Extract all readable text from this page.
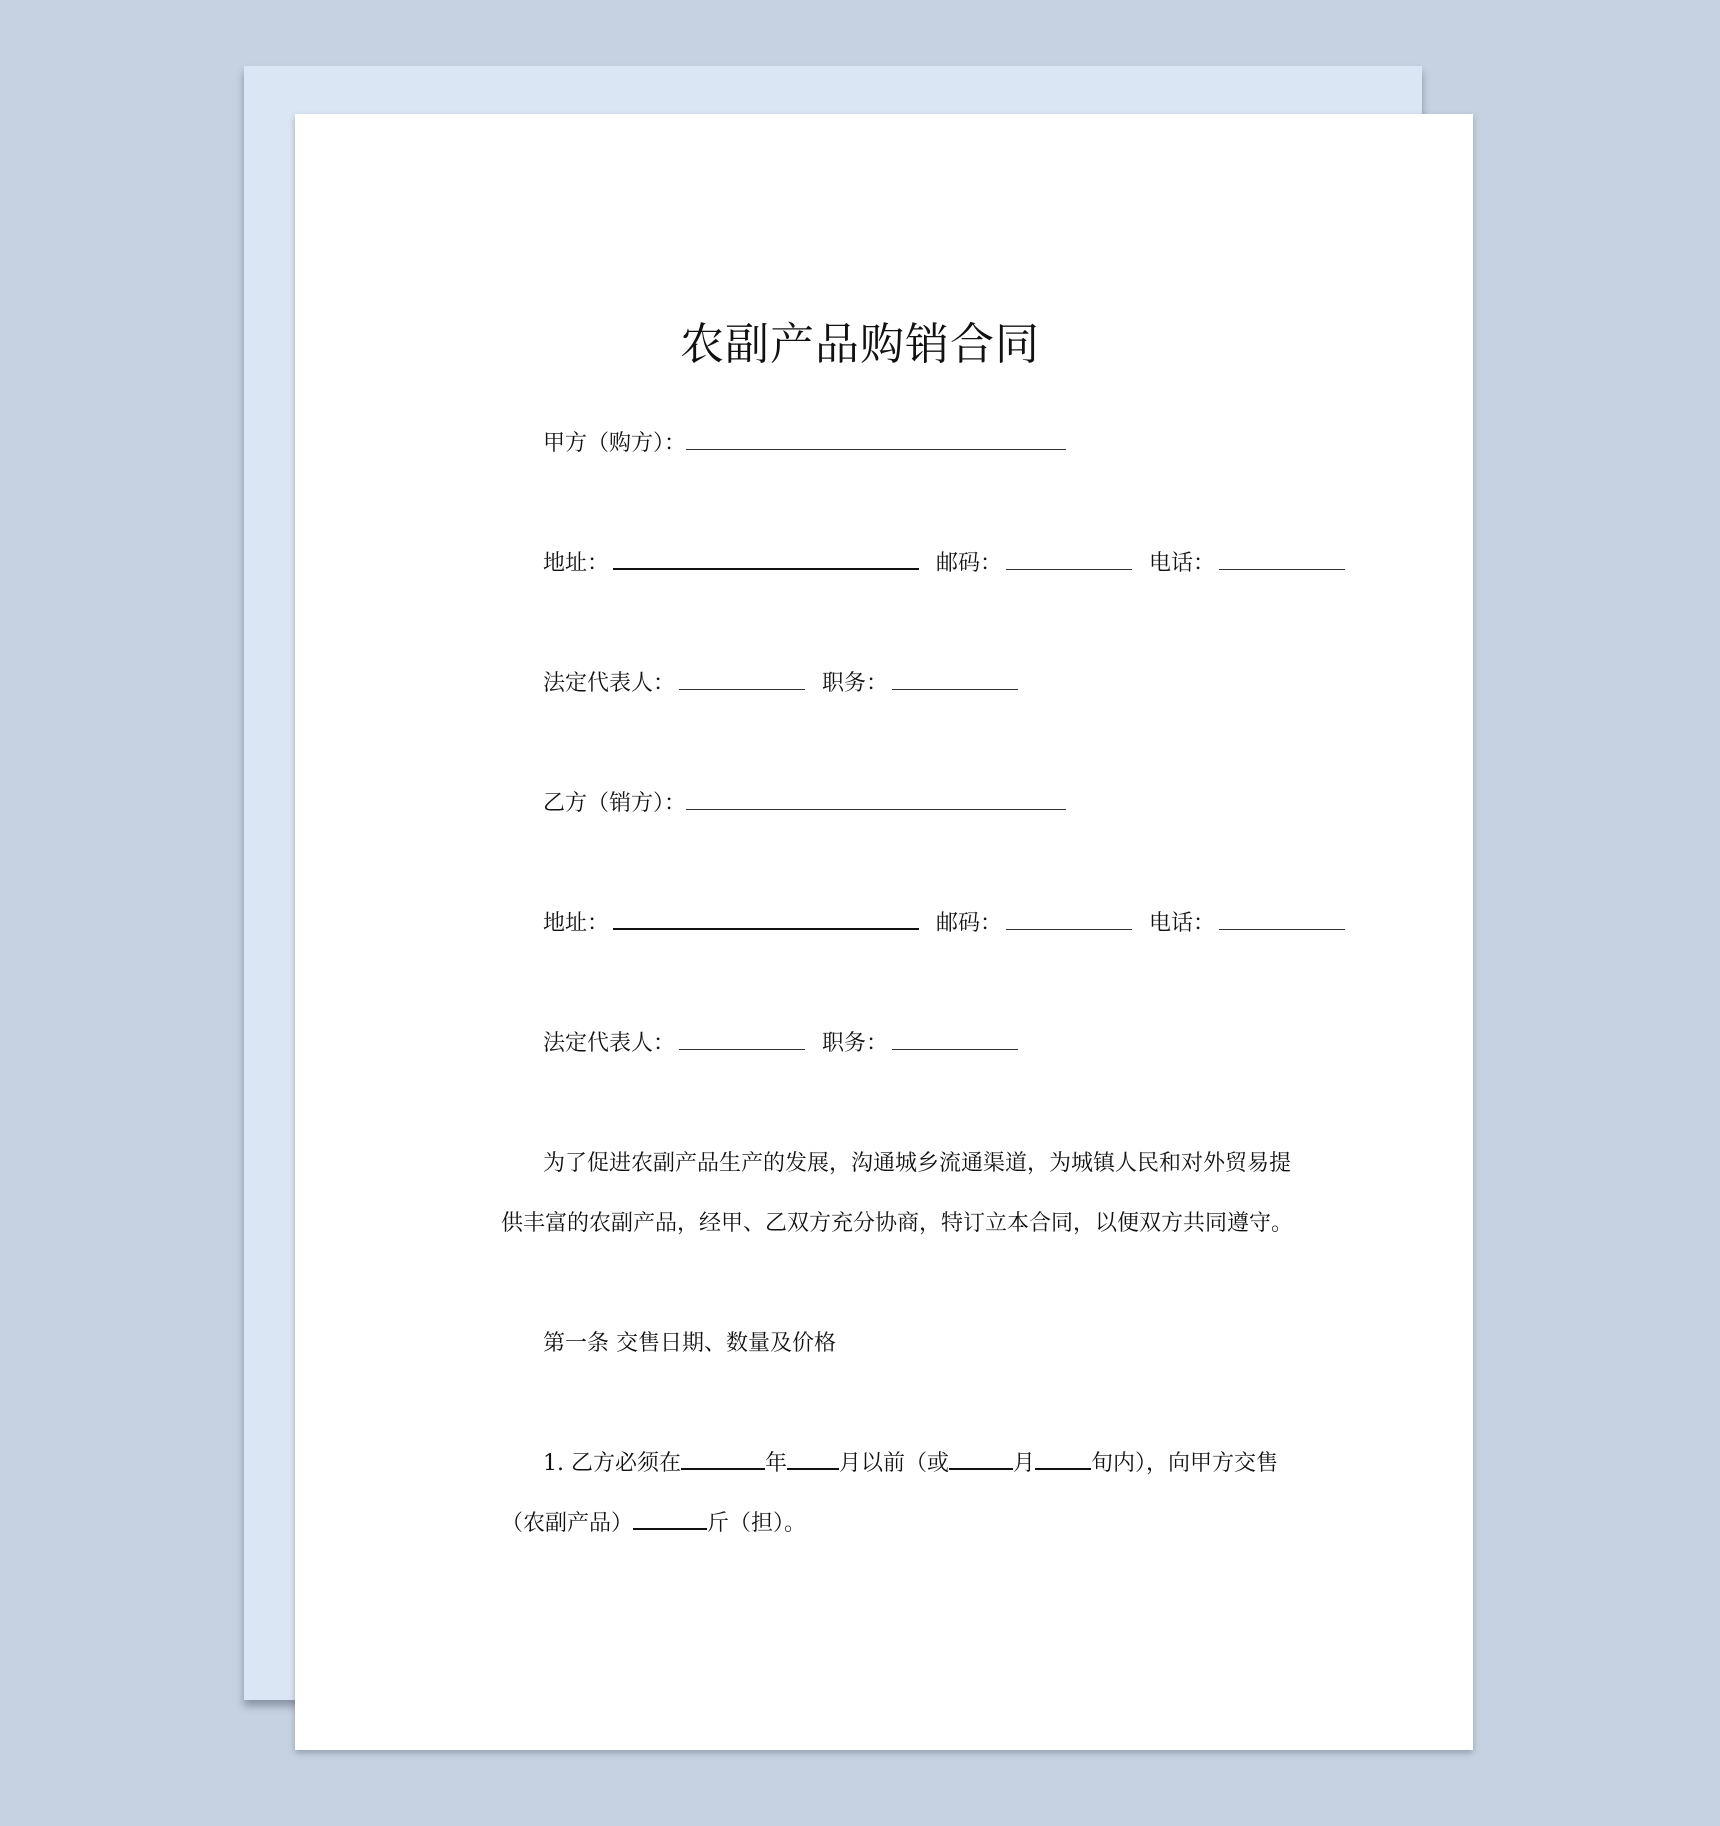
农副产品购销合同
甲方（购方）：
地址：	邮码：	电话：
法定代表人：	职务：
乙方（销方）：
地址：	邮码：	电话：
法定代表人：	职务：
为了促进农副产品生产的发展，沟通城乡流通渠道，为城镇人民和对外贸易提
供丰富的农副产品，经甲、乙双方充分协商，特订立本合同，以便双方共同遵守。
第一条 交售日期、数量及价格
1. 乙方必须在	年 月以前（或	月	旬内），向甲方交售
（农副产品）	斤（担）。
